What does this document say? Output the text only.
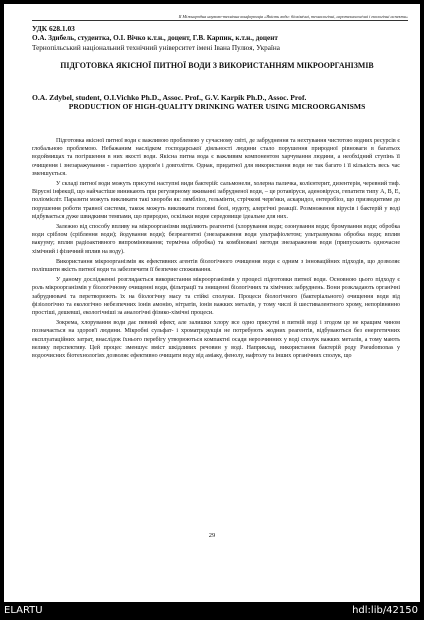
ІІ Міжнародна науково-технічна конференція «Якість води: біохімічні, технологічні, агротехнологічні і екологічні аспекти»
УДК 628.1.03
О.А. Здибель, студентка, О.І. Вічко к.т.н., доцент, Г.В. Карпик, к.т.н., доцент
Тернопільський національний технічний університет імені Івана Пулюя, Україна
ПІДГОТОВКА ЯКІСНОЇ ПИТНОЇ ВОДИ З ВИКОРИСТАННЯМ МІКРООРГАНІЗМІВ
O.A. Zdybel, student, O.I.Vichko Ph.D., Assoc. Prof., G.V. Karpik Ph.D., Assoc. Prof.
PRODUCTION OF HIGH-QUALITY DRINKING WATER USING MICROORGANISMS

Підготовка якісної питної води є важливою проблемою у сучасному світі, де забруднення та нехтування чистотою водних ресурсів є глобальною проблемою. Небажаним наслідком господарської діяльності людини стало порушення природної рівноваги в багатьох водоймищах та погіршення в них якості води. Якісна питна вода є важливим компонентом харчування людини, а необхідний ступінь її очищення і знезаражування - гарантією здоров'я і довголіття. Однак, придатної для використання води не так багато і її кількість весь час зменшується.

У складі питної води можуть присутні наступні види бактерій: сальмонели, холерна паличка, колієнтерит, дизентерія, черевний тиф. Вірусні інфекції, що найчастіше виникають при регулярному вживанні забрудненої води, – це ротавіруси, аденовіруси, гепатити типу А, В, Е, поліомієліт. Паразити можуть викликати такі хвороби як: лямбліоз, гельмінти, стрічкові черв'яки, аскаридоз, ентеробіоз, що призводитиме до порушення роботи травної системи, також можуть викликати головні болі, нудоту, алергічні реакції. Розмноження вірусів і бактерій у воді відбувається дуже швидкими темпами, що природно, оскільки водне середовище ідеальне для них.

Залежно від способу впливу на мікроорганізми виділяють реагентні (хлорування води; озонування води; бромування води; обробка води сріблом (сріблення води); йодування води); безреагентні (знезараження води ультрафіолетом; ультразвукова обробка води; вплив вакууму; вплив радіоактивного випромінювання; термічна обробка) та комбіновані методи знезараження води (припускають одночасне хімічний і фізичний вплив на воду).

Використання мікроорганізмів як ефективних агентів біологічного очищення води є одним з інноваційних підходів, що дозволяє поліпшити якість питної води та забезпечити її безпечне споживання.

У даному дослідженні розглядається використання мікроорганізмів у процесі підготовки питної води. Основною цього підходу є роль мікроорганізмів у біологічному очищенні води, фільтрації та знищенні біологічних та хімічних забруднень. Вони розкладають органічні забруднювачі та перетворюють їх на біологічну масу та стійкі сполуки. Процеси біологічного (бактеріального) очищення води від фізіологічно та екологічно небезпечних іонів амонію, нітратів, іонів важких металів, у тому числі й шестивалентного хрому, непорівнянно простіші, дешевші, екологічніші за аналогічні фізико-хімічні процеси.

Зокрема, хлорування води дає певний ефект, але залишки хлору все одно присутні в питній воді і згодом це не кращим чином позначається на здоров'ї людини. Мікробні сульфат- і хроматредукція не потребують жодних реагентів, відбуваються без енергетичних експлуатаційних затрат, внаслідок їхнього перебігу утворюються компактні осади нерозчинних у воді сполук важких металів, а тому мають велику перспективу. Цей процес зменшує вміст шкідливих речовин у воді. Наприклад, використання бактерій роду Pseudomonas у водоочисних біотехнологіях дозволяє ефективно очищати воду від аміаку, фенолу, нафтолу та інших органічних сполук, що

29
ELARTU	hdl:lib/42150
